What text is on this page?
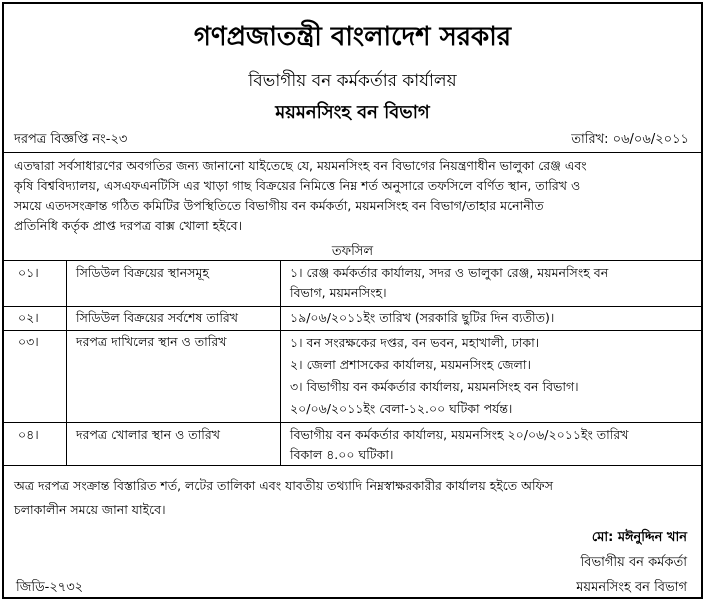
গণপ্রজাতন্ত্রী বাংলাদেশ সরকার
বিভাগীয় বন কর্মকর্তার কার্যালয়
ময়মনসিংহ বন বিভাগ
দরপত্র বিজ্ঞপ্তি নং-২৩	তারিখ: ০৬/০৬/২০১১
এতদ্বারা সর্বসাধারণের অবগতির জন্য জানানো যাইতেছে যে, ময়মনসিংহ বন বিভাগের নিয়ন্ত্রণাধীন ভালুকা রেঞ্জ এবং
কৃষি বিশ্ববিদ্যালয়, এসএফএনটিসি এর খাড়া গাছ বিক্রয়ের নিমিত্তে নিম্ন শর্ত অনুসারে তফসিলে বর্ণিত স্থান, তারিখ ও
সময়ে এতদসংক্রান্ত গঠিত কমিটির উপস্থিতিতে বিভাগীয় বন কর্মকর্তা, ময়মনসিংহ বন বিভাগ/তাহার মনোনীত
প্রতিনিধি কর্তৃক প্রাপ্ত দরপত্র বাক্স খোলা হইবে।
তফসিল
০১।	সিডিউল বিক্রয়ের স্থানসমূহ	১। রেঞ্জ কর্মকর্তার কার্যালয়, সদর ও ভালুকা রেঞ্জ, ময়মনসিংহ বন
বিভাগ, ময়মনসিংহ।
০২।	সিডিউল বিক্রয়ের সর্বশেষ তারিখ	১৯/০৬/২০১১ইং তারিখ (সরকারি ছুটির দিন ব্যতীত)।
০৩।	দরপত্র দাখিলের স্থান ও তারিখ	১। বন সংরক্ষকের দপ্তর, বন ভবন, মহাখালী, ঢাকা।
২। জেলা প্রশাসকের কার্যালয়, ময়মনসিংহ জেলা।
৩। বিভাগীয় বন কর্মকর্তার কার্যালয়, ময়মনসিংহ বন বিভাগ।
২০/০৬/২০১১ইং বেলা-১২.০০ ঘটিকা পর্যন্ত।
০৪।	দরপত্র খোলার স্থান ও তারিখ	বিভাগীয় বন কর্মকর্তার কার্যালয়, ময়মনসিংহ ২০/০৬/২০১১ইং তারিখ
বিকাল ৪.০০ ঘটিকা।
অত্র দরপত্র সংক্রান্ত বিস্তারিত শর্ত, লটের তালিকা এবং যাবতীয় তথ্যাদি নিম্নস্বাক্ষরকারীর কার্যালয় হইতে অফিস
চলাকালীন সময়ে জানা যাইবে।
মো: মঈনুদ্দিন খান
বিভাগীয় বন কর্মকর্তা
ময়মনসিংহ বন বিভাগ
জিডি-২৭৩২
